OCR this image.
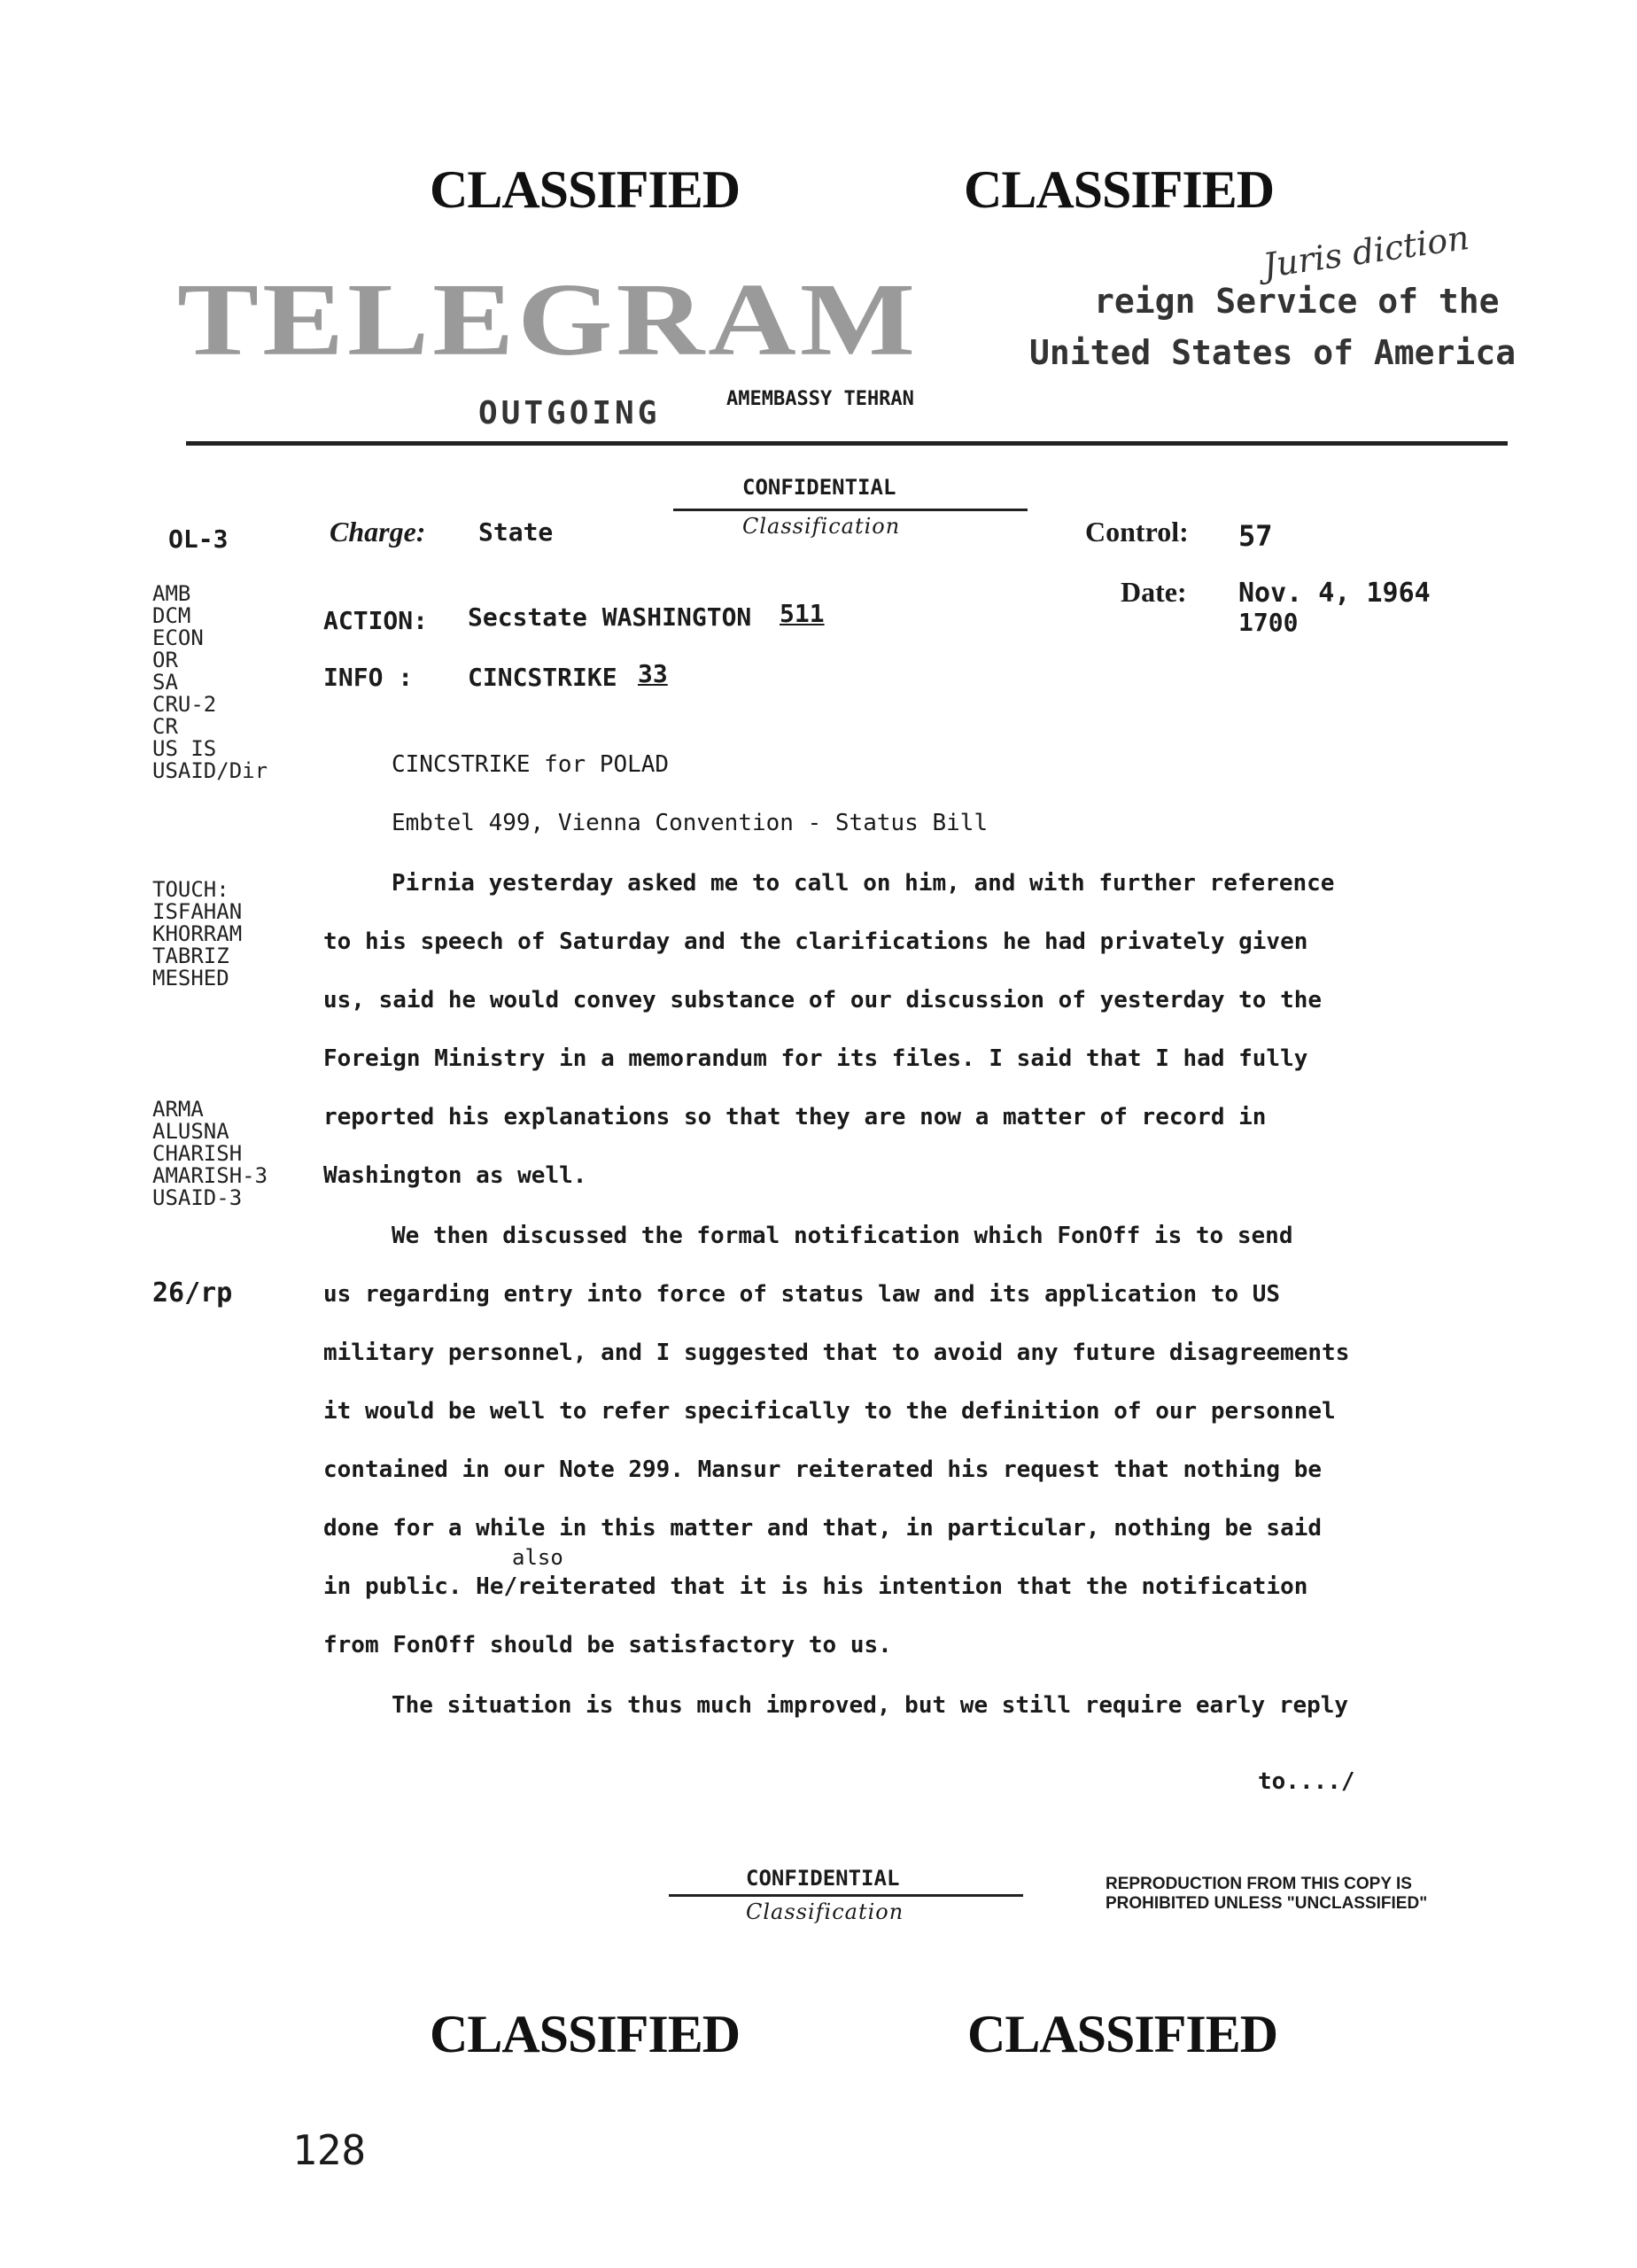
CLASSIFIED	CLASSIFIED
TELEGRAM
Juris diction
reign Service of the
United States of America
OUTGOING	AMEMBASSY TEHRAN
CONFIDENTIAL
Classification
OL-3	Charge: State	Control: 57
Date: Nov. 4, 1964
1700
ACTION: Secstate WASHINGTON 511
INFO : CINCSTRIKE 33
AMB
DCM
ECON
OR
SA
CRU-2
CR
US IS
USAID/Dir
TOUCH:
ISFAHAN
KHORRAM
TABRIZ
MESHED
ARMA
ALUSNA
CHARISH
AMARISH-3
USAID-3
26/rp
CINCSTRIKE for POLAD
Embtel 499, Vienna Convention - Status Bill
Pirnia yesterday asked me to call on him, and with further reference
to his speech of Saturday and the clarifications he had privately given
us, said he would convey substance of our discussion of yesterday to the
Foreign Ministry in a memorandum for its files. I said that I had fully
reported his explanations so that they are now a matter of record in
Washington as well.
We then discussed the formal notification which FonOff is to send
us regarding entry into force of status law and its application to US
military personnel, and I suggested that to avoid any future disagreements
it would be well to refer specifically to the definition of our personnel
contained in our Note 299. Mansur reiterated his request that nothing be
done for a while in this matter and that, in particular, nothing be said
also
in public. He/reiterated that it is his intention that the notification
from FonOff should be satisfactory to us.
The situation is thus much improved, but we still require early reply
to..../
CONFIDENTIAL
Classification
REPRODUCTION FROM THIS COPY IS
PROHIBITED UNLESS "UNCLASSIFIED"
CLASSIFIED	CLASSIFIED
128
